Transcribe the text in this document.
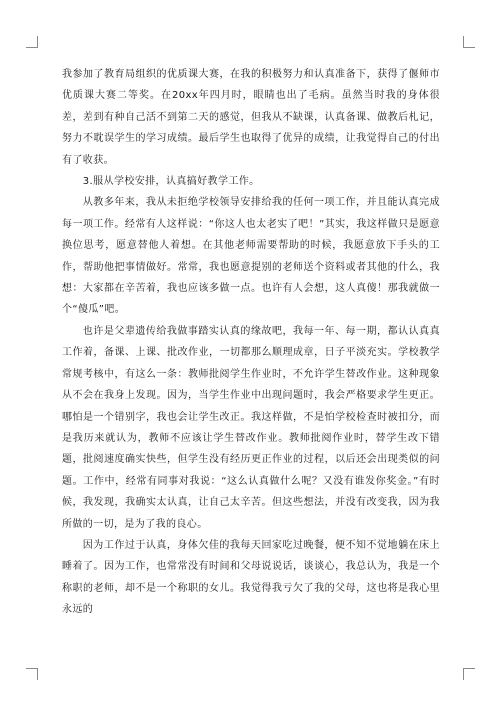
我参加了教育局组织的优质课大赛，在我的积极努力和认真准备下，获得了偃师市优质课大赛二等奖。在20xx年四月时，眼睛也出了毛病。虽然当时我的身体很差，差到有种自己活不到第二天的感觉，但我从不缺课，认真备课、做教后札记，努力不耽误学生的学习成绩。最后学生也取得了优异的成绩，让我觉得自己的付出有了收获。

3.服从学校安排，认真搞好教学工作。

从教多年来，我从未拒绝学校领导安排给我的任何一项工作，并且能认真完成每一项工作。经常有人这样说：“你这人也太老实了吧！”其实，我这样做只是愿意换位思考，愿意替他人着想。在其他老师需要帮助的时候，我愿意放下手头的工作，帮助他把事情做好。常常，我也愿意提别的老师送个资料或者其他的什么，我想：大家都在辛苦着，我也应该多做一点。也许有人会想，这人真傻！那我就做一个“傻瓜”吧。

也许是父辈遗传给我做事踏实认真的缘故吧，我每一年、每一期，都认认真真工作着，备课、上课、批改作业，一切都那么顺理成章，日子平淡充实。学校教学常规考核中，有这么一条：教师批阅学生作业时，不允许学生替改作业。这种现象从不会在我身上发现。因为，当学生作业中出现问题时，我会严格要求学生更正。哪怕是一个错别字，我也会让学生改正。我这样做，不是怕学校检查时被扣分，而是我历来就认为，教师不应该让学生替改作业。教师批阅作业时，替学生改下错题，批阅速度确实快些，但学生没有经历更正作业的过程，以后还会出现类似的问题。工作中，经常有同事对我说：“这么认真做什么呢？又没有谁发你奖金。”有时候，我发现，我确实太认真，让自己太辛苦。但这些想法，并没有改变我，因为我所做的一切，是为了我的良心。

因为工作过于认真，身体欠佳的我每天回家吃过晚餐，便不知不觉地躺在床上睡着了。因为工作，也常常没有时间和父母说说话，谈谈心，我总认为，我是一个称职的老师，却不是一个称职的女儿。我觉得我亏欠了我的父母，这也将是我心里永远的
